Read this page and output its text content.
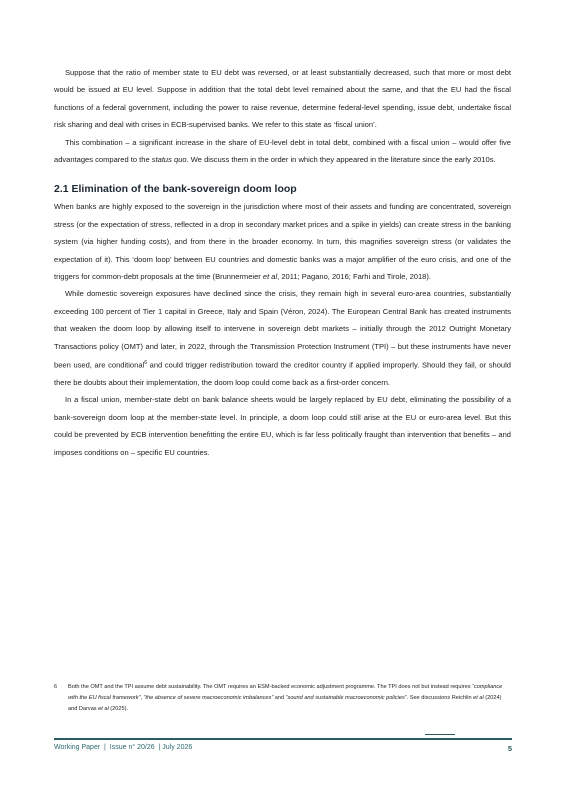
Suppose that the ratio of member state to EU debt was reversed, or at least substantially decreased, such that more or most debt would be issued at EU level. Suppose in addition that the total debt level remained about the same, and that the EU had the fiscal functions of a federal government, including the power to raise revenue, determine federal-level spending, issue debt, undertake fiscal risk sharing and deal with crises in ECB-supervised banks. We refer to this state as ‘fiscal union’.

This combination – a significant increase in the share of EU-level debt in total debt, combined with a fiscal union – would offer five advantages compared to the status quo. We discuss them in the order in which they appeared in the literature since the early 2010s.

2.1 Elimination of the bank-sovereign doom loop

When banks are highly exposed to the sovereign in the jurisdiction where most of their assets and funding are concentrated, sovereign stress (or the expectation of stress, reflected in a drop in secondary market prices and a spike in yields) can create stress in the banking system (via higher funding costs), and from there in the broader economy. In turn, this magnifies sovereign stress (or validates the expectation of it). This ‘doom loop’ between EU countries and domestic banks was a major amplifier of the euro crisis, and one of the triggers for common-debt proposals at the time (Brunnermeier et al, 2011; Pagano, 2016; Farhi and Tirole, 2018).

While domestic sovereign exposures have declined since the crisis, they remain high in several euro-area countries, substantially exceeding 100 percent of Tier 1 capital in Greece, Italy and Spain (Véron, 2024). The European Central Bank has created instruments that weaken the doom loop by allowing itself to intervene in sovereign debt markets – initially through the 2012 Outright Monetary Transactions policy (OMT) and later, in 2022, through the Transmission Protection Instrument (TPI) – but these instruments have never been used, are conditional$^6$ and could trigger redistribution toward the creditor country if applied improperly. Should they fail, or should there be doubts about their implementation, the doom loop could come back as a first-order concern.

In a fiscal union, member-state debt on bank balance sheets would be largely replaced by EU debt, eliminating the possibility of a bank-sovereign doom loop at the member-state level. In principle, a doom loop could still arise at the EU or euro-area level. But this could be prevented by ECB intervention benefitting the entire EU, which is far less politically fraught than intervention that benefits – and imposes conditions on – specific EU countries.

6 Both the OMT and the TPI assume debt sustainability. The OMT requires an ESM-backed economic adjustment programme. The TPI does not but instead requires “compliance with the EU fiscal framework”, “the absence of severe macroeconomic imbalances” and “sound and sustainable macroeconomic policies”. See discussions Reichlin et al (2024) and Darvas et al (2025).
Working Paper  |  Issue n° 20/26  | July 2026	5
